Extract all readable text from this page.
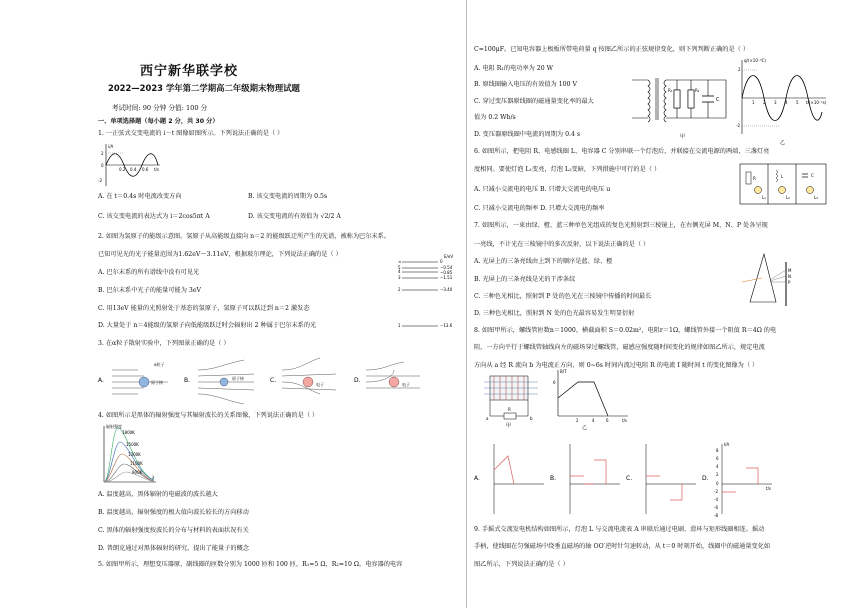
西宁新华联学校
2022—2023 学年第二学期高二年级期末物理试题
考试时间: 90 分钟 分值: 100 分
一、单项选择题（每小题 2 分，共 30 分）
1. 一正弦式交变电流的 i－t 图像如图所示。下列说法正确的是（ ）
A. 在 t＝0.4s 时电流改变方向	B. 该交变电流的周期为 0.5s
C. 该交变电流的表达式为 i＝2cos5πt A	D. 该交变电流的有效值为 √2/2 A
2. 如图为氢原子的能级示意图。氢原子从高能级直接向 n＝2 的能级跃迁所产生的光谱，被称为巴尔末系。
已知可见光的光子能量范围为1.62eV～3.11eV，根据玻尔理论，下列说法正确的是（ ）
A. 巴尔末系的所有谱线中没有可见光
B. 巴尔末系中光子的能量可能为 3eV
C. 用13eV 能量的光照射处于基态的氢原子，氢原子可以跃迁到 n＝2 激发态
D. 大量处于 n＝4能级的氢原子向低能级跃迁时会辐射出 2 种属于巴尔末系的光
3. 在α粒子散射实验中，下列图景正确的是（ ）
4. 如图所示是黑体的辐射强度与其辐射波长的关系图像，下列说法正确的是（ ）
A. 温度越高，黑体辐射的电磁波的波长越大
B. 温度越高，辐射强度的极大值向波长较长的方向移动
C. 黑体的辐射强度按波长的分布与材料的表面状况有关
D. 普朗克通过对黑体辐射的研究，提出了能量子的概念
5. 如图甲所示，理想变压器原、副线圈的匝数分别为 1000 匝和 100 匝，R₁=5 Ω，R₂=10 Ω，电容器的电容
C=100μF。已知电容器上极板所带电荷量 q 按图乙所示的正弦规律变化，则下列判断正确的是（ ）
A. 电阻 R₁的电功率为 20 W
B. 原线圈输入电压的有效值为 100 V
C. 穿过变压器原线圈的磁通量变化率的最大
值为 0.2 Wb/s
D. 变压器原线圈中电流的周期为 0.4 s
6. 如图所示，把电阻 R、电感线圈 L、电容器 C 分别串联一个灯泡后，并联接在交流电源的两端，三盏灯亮
度相同。要使灯泡 L₁变亮，灯泡 L₂变暗，下列措施中可行的是（ ）
A. 只减小交流电的电压 B. 只增大交流电的电压 u
C. 只减小交流电的频率 D. 只增大交流电的频率
7. 如图所示，一束由绿、橙、蓝三种单色光组成的复色光照射到三棱镜上，在右侧光屏 M、N、P 处各呈现
一亮线，不计光在三棱镜中的多次反射，以下说法正确的是（ ）
A. 光屏上的三条亮线由上到下的顺序是蓝、绿、橙
B. 光屏上的三条亮线是光的干涉条纹
C. 三种色光相比，照射到 P 处的色光在三棱镜中传播的时间最长
D. 三种色光相比，照射到 N 处的色光最容易发生明显衍射
8. 如图甲所示，螺线管匝数n＝1000，横截面积 S＝0.02m²，电阻r＝1Ω，螺线管外接一个阻值 R＝4Ω 的电
阻，一方向平行于螺线管轴线向左的磁场穿过螺线管，磁感应强度随时间变化的规律如图乙所示，规定电流
方向从 a 经 R 流向 b 为电流正方向，则 0~6s 时间内流过电阻 R 的电流 I 随时间 t 的变化图像为（ ）
9. 手摇式交流发电机结构如图所示，灯泡 L 与交流电流表 A 串联后通过电刷、滑环与矩形线圈相连。摇动
手柄，使线圈在匀强磁场中绕垂直磁场的轴 OO′逆时针匀速转动，从 t＝0 时刻开始，线圈中的磁通量变化如
图乙所示，下列说法正确的是（ ）
i/A
t/s
2
0
-2
0.2 0.4 0.6
E/eV
∞
5
4
3
2
1
0
−0.54
−0.85
−1.51
−3.40
−13.6
A.	原子核	B.	原子核	C.
电子
D.
电子
α粒子
辐射强度
λ
1800K
1500K
1300K
1100K
900K
R₁	R₂
C
甲
q/(×10⁻³C)
t/(×10⁻²s)
2
-2
1 2 3 4 5
乙
R	L	C
L₁	L₂	L₃
M
N
P
R
a	b
甲
B/T
t/s
6
2	4	6
乙
A.	B.	C.	D.
I/A
t/s
8
6
4
2
0
-2
-4
-6
-8
